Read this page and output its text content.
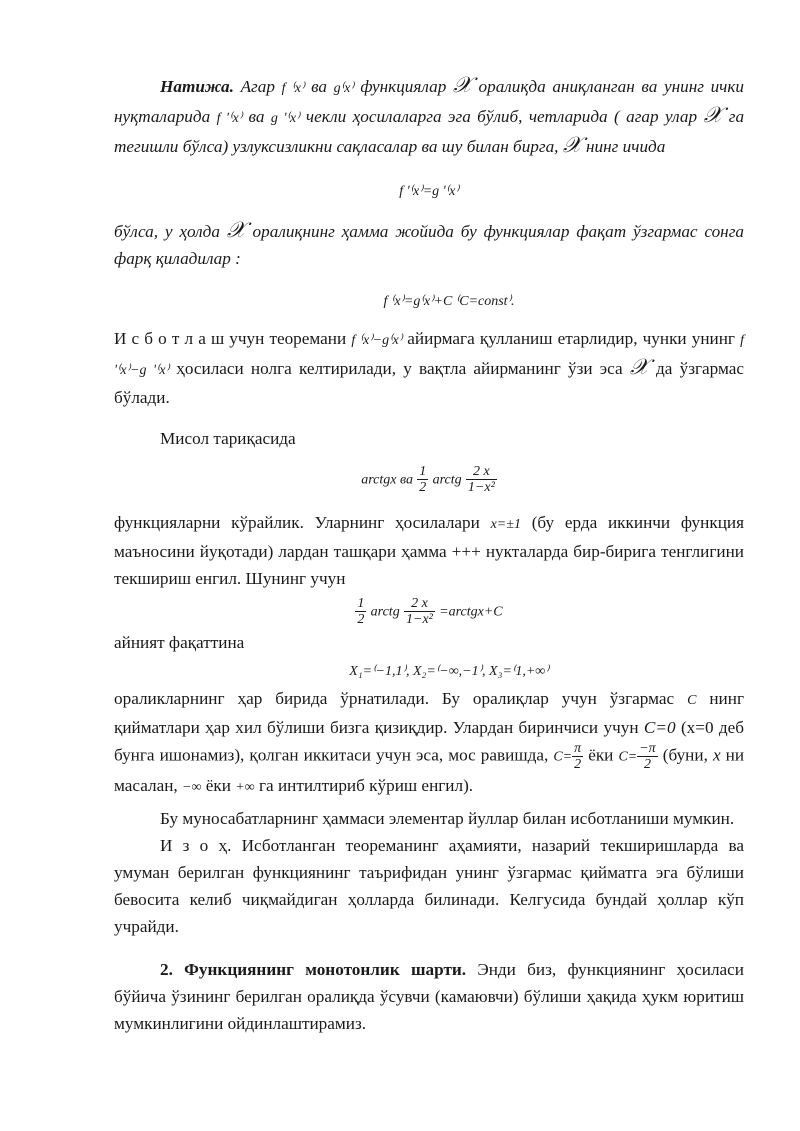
Натижа. Агар f ⁽x⁾ ва g⁽x⁾ функциялар 𝒳 оралиқда аниқланган ва унинг ички нуқталарида f ʹ⁽x⁾ ва g ʹ⁽x⁾ чекли ҳосилаларга эга бўлиб, четларида ( агар улар 𝒳 га тегишли бўлса) узлуксизликни сақласалар ва шу билан бирга, 𝒳 нинг ичида

f ʹ⁽x⁾=g ʹ⁽x⁾

бўлса, у ҳолда 𝒳 оралиқнинг ҳамма жойида бу функциялар фақат ўзгармас сонга фарқ қиладилар :

f ⁽x⁾=g⁽x⁾+C ⁽C=const⁾.

И с б о т л а ш учун теоремани f ⁽x⁾−g⁽x⁾ айирмага қулланиш етарлидир, чунки унинг f ʹ⁽x⁾−g ʹ⁽x⁾ ҳосиласи нолга келтирилади, у вақтла айирманинг ўзи эса 𝒳 да ўзгармас бўлади.

Мисол тариқасида

arctgx ва $\frac{1}{2}$ arctg $\frac{2 x}{\text{1−x²}}$

функцияларни кўрайлик. Уларнинг ҳосилалари x=±1 (бу ерда иккинчи функция маъносини йуқотади) лардан ташқари ҳамма +++ нукталарда бир-бирига тенглигини текшириш енгил. Шунинг учун

$\frac{1}{2}$ arctg $\frac{2 x}{\text{1−x²}}$ =arctgx+C

айният фақаттина

X₁=⁽−1,1⁾, X₂=⁽−∞,−1⁾, X₃=⁽1,+∞⁾

ораликларнинг ҳар бирида ўрнатилади. Бу оралиқлар учун ўзгармас C нинг қийматлари ҳар хил бўлиши бизга қизиқдир. Улардан биринчиси учун C=0 (x=0 деб бунга ишонамиз), қолган иккитаси учун эса, мос равишда, $C= \frac{\pi}{2}$ ёки $C= \frac{-\pi}{2}$ (буни, x ни масалан, −∞ ёки +∞ га интилтириб кўриш енгил).

Бу муносабатларнинг ҳаммаси элементар йуллар билан исботланиши мумкин.

И з о ҳ. Исботланган теореманинг аҳамияти, назарий текширишларда ва умуман берилган функциянинг таърифидан унинг ўзгармас қийматга эга бўлиши бевосита келиб чиқмайдиган ҳолларда билинади. Келгусида бундай ҳоллар кўп учрайди.

2. Функциянинг монотонлик шарти. Энди биз, функциянинг ҳосиласи бўйича ўзининг берилган оралиқда ўсувчи (камаювчи) бўлиши ҳақида ҳукм юритиш мумкинлигини ойдинлаштирамиз.
